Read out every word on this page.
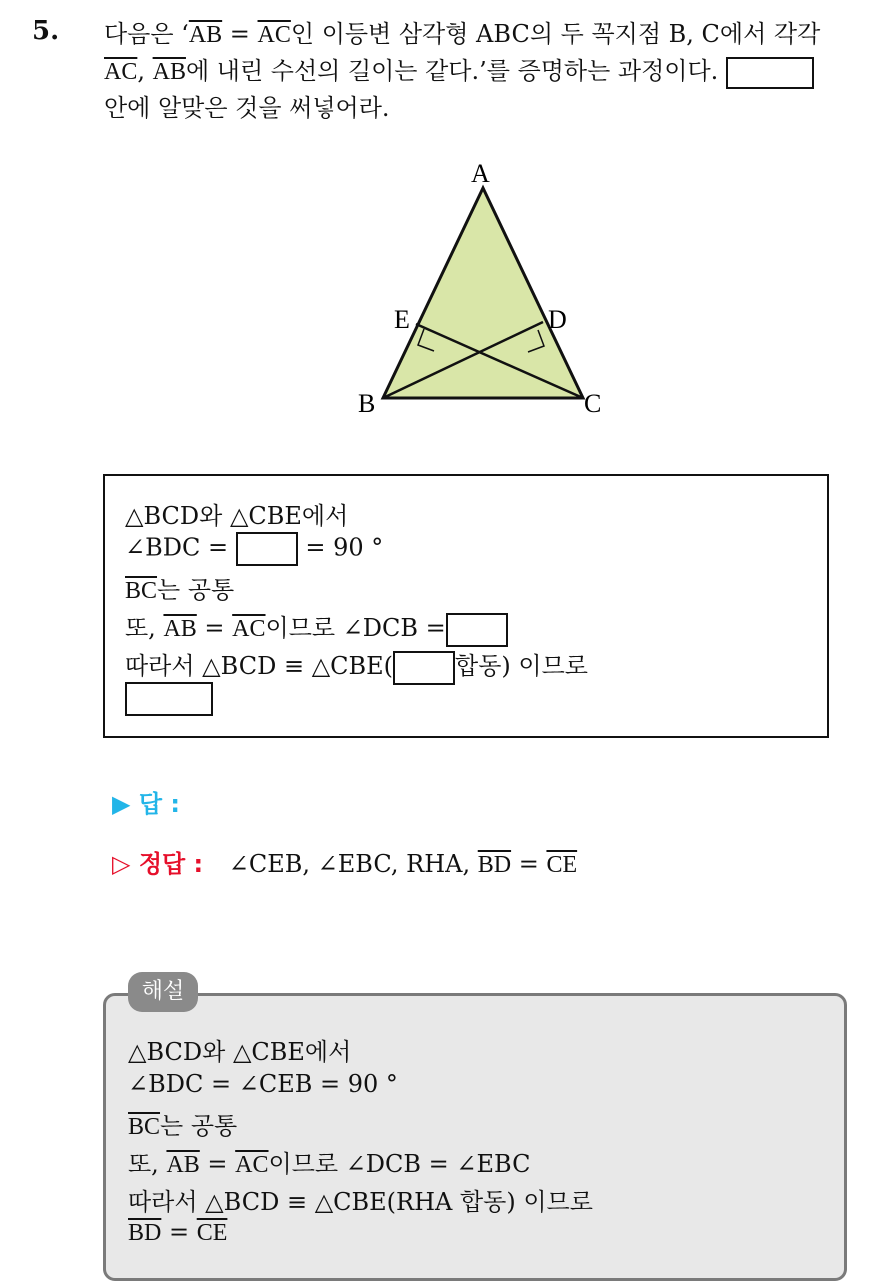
5. 다음은 ‘$\overline{AB} = \overline{AC}$인 이등변 삼각형 ABC의 두 꼭지점 B, C에서 각각
$\overline{AC}$, $\overline{AB}$에 내린 수선의 길이는 같다.’를 증명하는 과정이다.
안에 알맞은 것을 써넣어라.
A
B	C
D
E
△BCD와 △CBE에서
∠BDC =	= 90 °
$\overline{BC}$는 공통
또, $\overline{AB} = \overline{AC}$이므로 ∠DCB =
따라서 △BCD ≡ △CBE(	합동) 이므로
▶ 답 :
▷ 정답 : ∠CEB, ∠EBC, RHA, $\overline{BD} = \overline{CE}$
△BCD와 △CBE에서
∠BDC = ∠CEB = 90 °
$\overline{BC}$는 공통
또, $\overline{AB} = \overline{AC}$이므로 ∠DCB = ∠EBC
따라서 △BCD ≡ △CBE(RHA 합동) 이므로
$\overline{BD} = \overline{CE}$
해설
